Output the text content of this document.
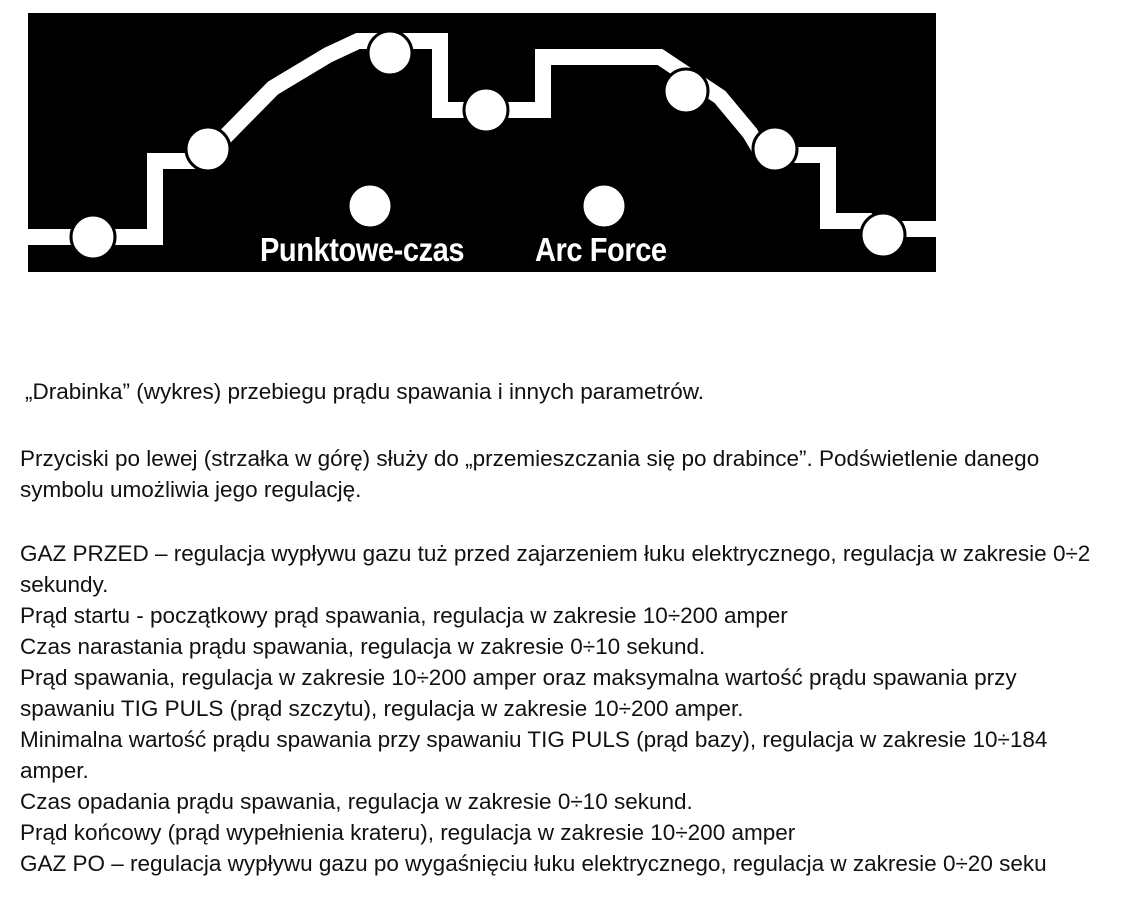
Punktowe-czas Arc Force
„Drabinka” (wykres) przebiegu prądu spawania i innych parametrów.
Przyciski po lewej (strzałka w górę) służy do „przemieszczania się po drabince”. Podświetlenie danego
symbolu umożliwia jego regulację.
GAZ PRZED – regulacja wypływu gazu tuż przed zajarzeniem łuku elektrycznego, regulacja w zakresie 0÷2
sekundy.
Prąd startu - początkowy prąd spawania, regulacja w zakresie 10÷200 amper
Czas narastania prądu spawania, regulacja w zakresie 0÷10 sekund.
Prąd spawania, regulacja w zakresie 10÷200 amper oraz maksymalna wartość prądu spawania przy
spawaniu TIG PULS (prąd szczytu), regulacja w zakresie 10÷200 amper.
Minimalna wartość prądu spawania przy spawaniu TIG PULS (prąd bazy), regulacja w zakresie 10÷184
amper.
Czas opadania prądu spawania, regulacja w zakresie 0÷10 sekund.
Prąd końcowy (prąd wypełnienia krateru), regulacja w zakresie 10÷200 amper
GAZ PO – regulacja wypływu gazu po wygaśnięciu łuku elektrycznego, regulacja w zakresie 0÷20 seku
